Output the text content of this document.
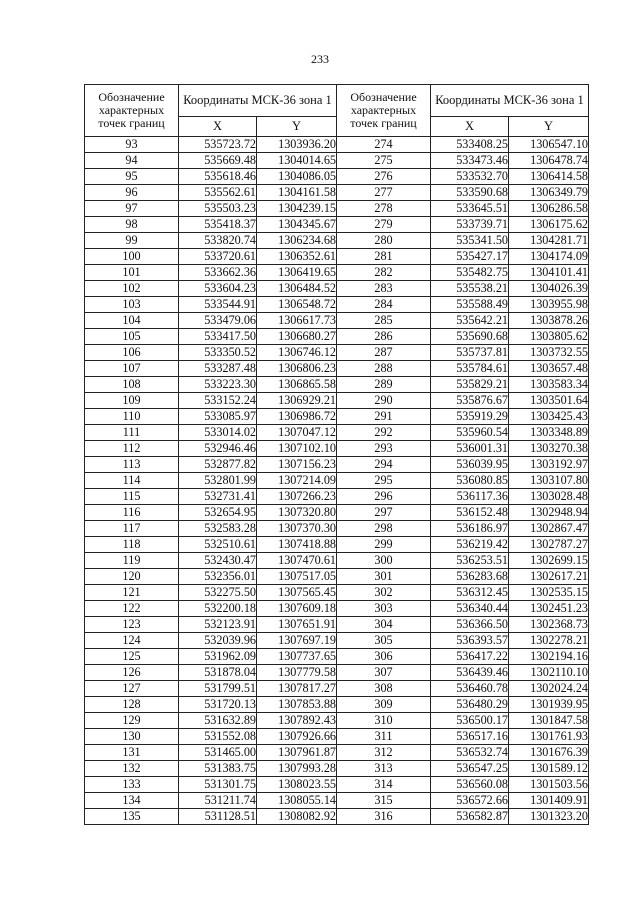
233
Обозначение характерных точек границ	Координаты МСК-36 зона 1		Обозначение характерных точек границ	Координаты МСК-36 зона 1	
	X	Y		X	Y
93	535723.72	1303936.20	274	533408.25	1306547.10
94	535669.48	1304014.65	275	533473.46	1306478.74
95	535618.46	1304086.05	276	533532.70	1306414.58
96	535562.61	1304161.58	277	533590.68	1306349.79
97	535503.23	1304239.15	278	533645.51	1306286.58
98	535418.37	1304345.67	279	533739.71	1306175.62
99	533820.74	1306234.68	280	535341.50	1304281.71
100	533720.61	1306352.61	281	535427.17	1304174.09
101	533662.36	1306419.65	282	535482.75	1304101.41
102	533604.23	1306484.52	283	535538.21	1304026.39
103	533544.91	1306548.72	284	535588.49	1303955.98
104	533479.06	1306617.73	285	535642.21	1303878.26
105	533417.50	1306680.27	286	535690.68	1303805.62
106	533350.52	1306746.12	287	535737.81	1303732.55
107	533287.48	1306806.23	288	535784.61	1303657.48
108	533223.30	1306865.58	289	535829.21	1303583.34
109	533152.24	1306929.21	290	535876.67	1303501.64
110	533085.97	1306986.72	291	535919.29	1303425.43
111	533014.02	1307047.12	292	535960.54	1303348.89
112	532946.46	1307102.10	293	536001.31	1303270.38
113	532877.82	1307156.23	294	536039.95	1303192.97
114	532801.99	1307214.09	295	536080.85	1303107.80
115	532731.41	1307266.23	296	536117.36	1303028.48
116	532654.95	1307320.80	297	536152.48	1302948.94
117	532583.28	1307370.30	298	536186.97	1302867.47
118	532510.61	1307418.88	299	536219.42	1302787.27
119	532430.47	1307470.61	300	536253.51	1302699.15
120	532356.01	1307517.05	301	536283.68	1302617.21
121	532275.50	1307565.45	302	536312.45	1302535.15
122	532200.18	1307609.18	303	536340.44	1302451.23
123	532123.91	1307651.91	304	536366.50	1302368.73
124	532039.96	1307697.19	305	536393.57	1302278.21
125	531962.09	1307737.65	306	536417.22	1302194.16
126	531878.04	1307779.58	307	536439.46	1302110.10
127	531799.51	1307817.27	308	536460.78	1302024.24
128	531720.13	1307853.88	309	536480.29	1301939.95
129	531632.89	1307892.43	310	536500.17	1301847.58
130	531552.08	1307926.66	311	536517.16	1301761.93
131	531465.00	1307961.87	312	536532.74	1301676.39
132	531383.75	1307993.28	313	536547.25	1301589.12
133	531301.75	1308023.55	314	536560.08	1301503.56
134	531211.74	1308055.14	315	536572.66	1301409.91
135	531128.51	1308082.92	316	536582.87	1301323.20
